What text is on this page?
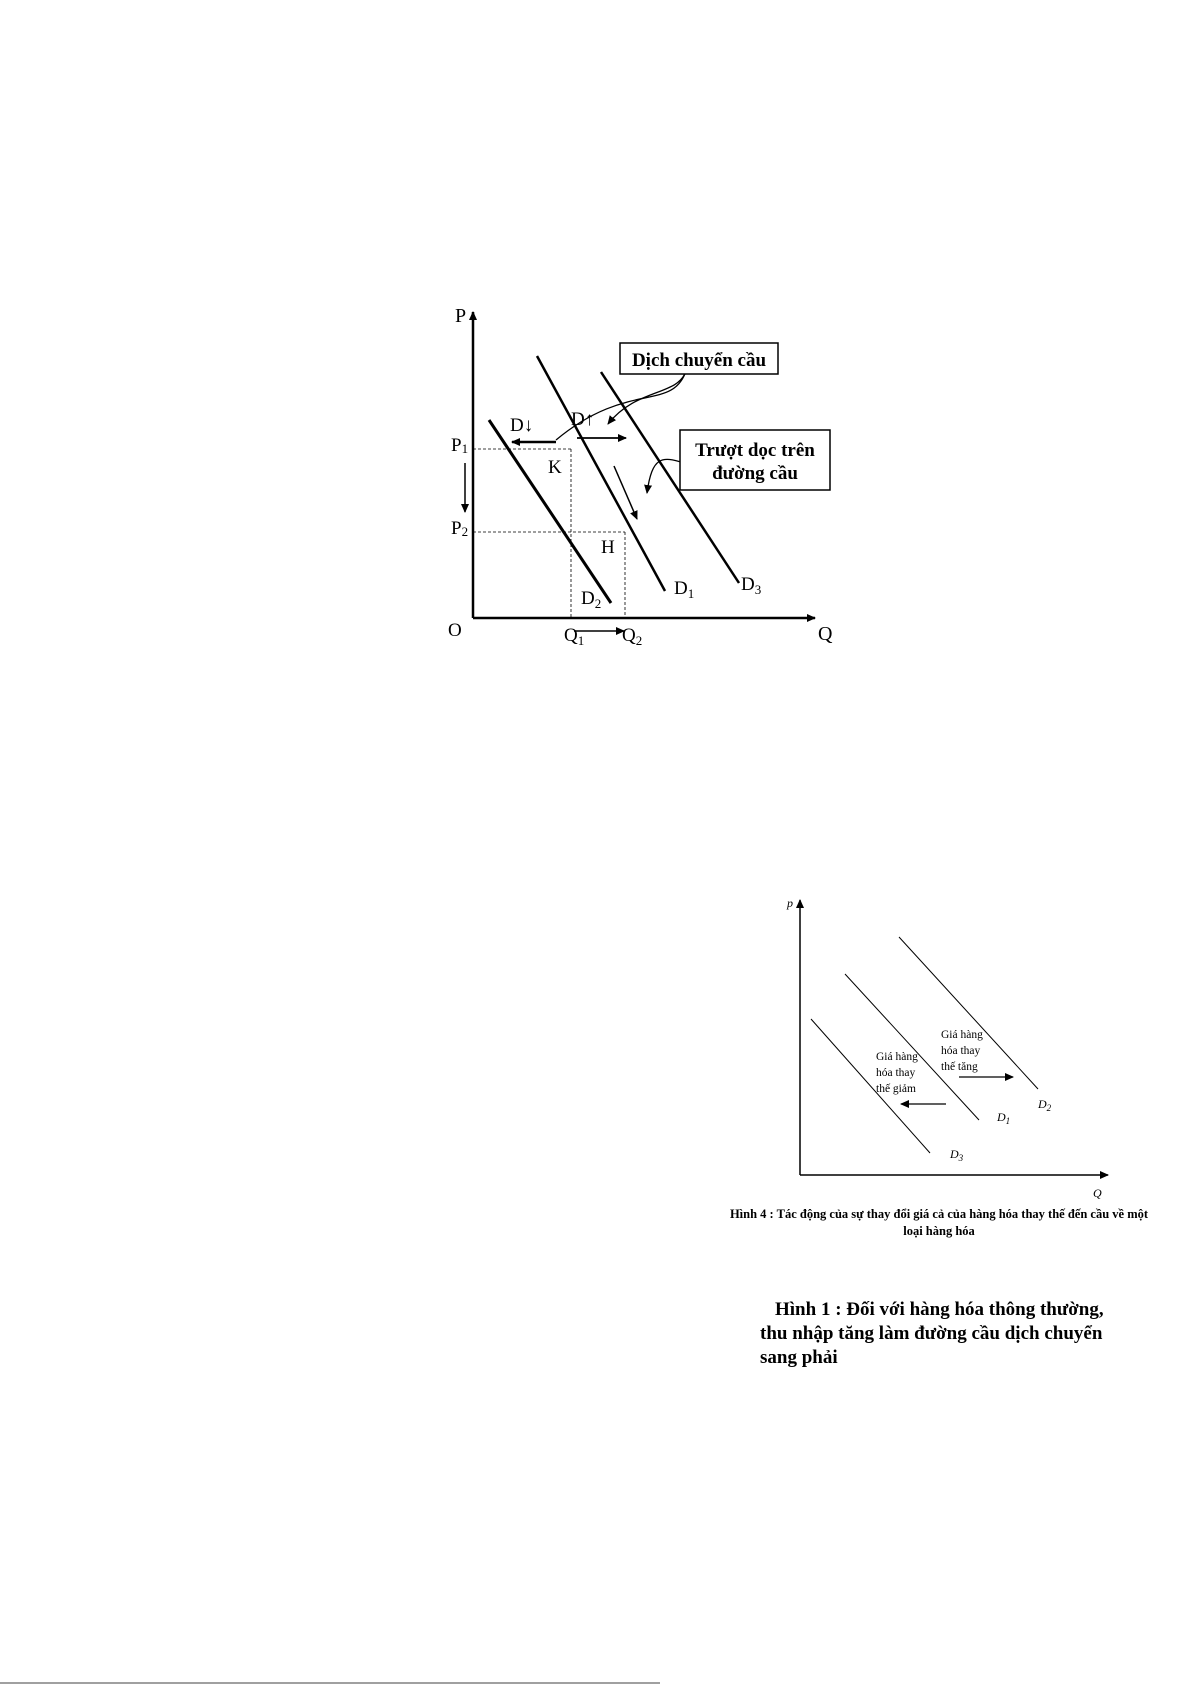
Dịch chuyển cầu
Trượt dọc trên
đường cầu
P
Q
O
P1
P2
$Q_1$ $Q_2$
$D_2$
$D_1$ $D_3$
D↓ D↑
K
H
p
Q
$D_3$
$D_1$
$D_2$
Giá hàng hóa thay thế giảm
Giá hàng hóa thay thế tăng
Hình 4 : Tác động của sự thay đổi giá cả của hàng hóa thay thế đến cầu về một loại hàng hóa
Hình 1 : Đối với hàng hóa thông thường,
thu nhập tăng làm đường cầu dịch chuyển
sang phải
